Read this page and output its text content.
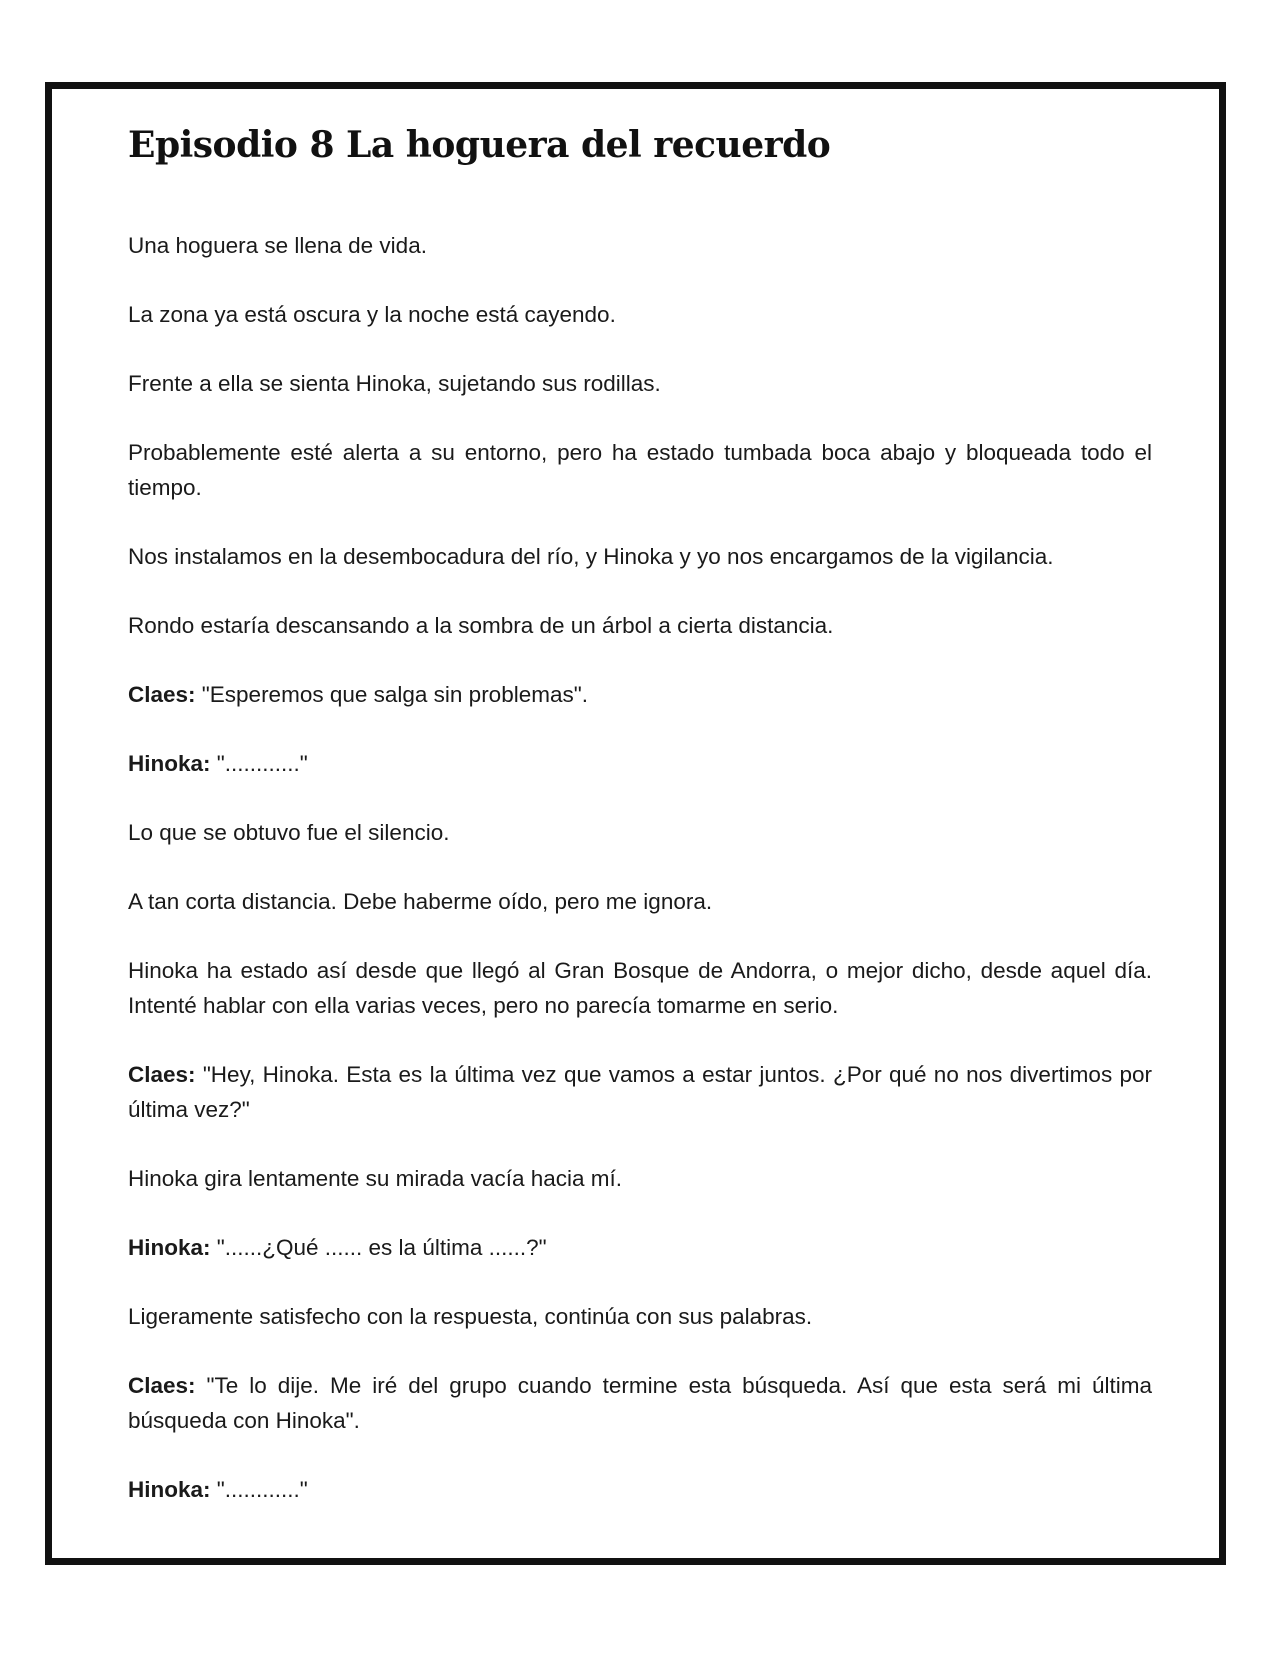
Episodio 8 La hoguera del recuerdo

Una hoguera se llena de vida.

La zona ya está oscura y la noche está cayendo.

Frente a ella se sienta Hinoka, sujetando sus rodillas.

Probablemente esté alerta a su entorno, pero ha estado tumbada boca abajo y bloqueada todo el tiempo.

Nos instalamos en la desembocadura del río, y Hinoka y yo nos encargamos de la vigilancia.

Rondo estaría descansando a la sombra de un árbol a cierta distancia.

Claes: "Esperemos que salga sin problemas".

Hinoka: "............"

Lo que se obtuvo fue el silencio.

A tan corta distancia. Debe haberme oído, pero me ignora.

Hinoka ha estado así desde que llegó al Gran Bosque de Andorra, o mejor dicho, desde aquel día. Intenté hablar con ella varias veces, pero no parecía tomarme en serio.

Claes: "Hey, Hinoka. Esta es la última vez que vamos a estar juntos. ¿Por qué no nos divertimos por última vez?"

Hinoka gira lentamente su mirada vacía hacia mí.

Hinoka: "......¿Qué ...... es la última ......?"

Ligeramente satisfecho con la respuesta, continúa con sus palabras.

Claes: "Te lo dije. Me iré del grupo cuando termine esta búsqueda. Así que esta será mi última búsqueda con Hinoka".

Hinoka: "............"
